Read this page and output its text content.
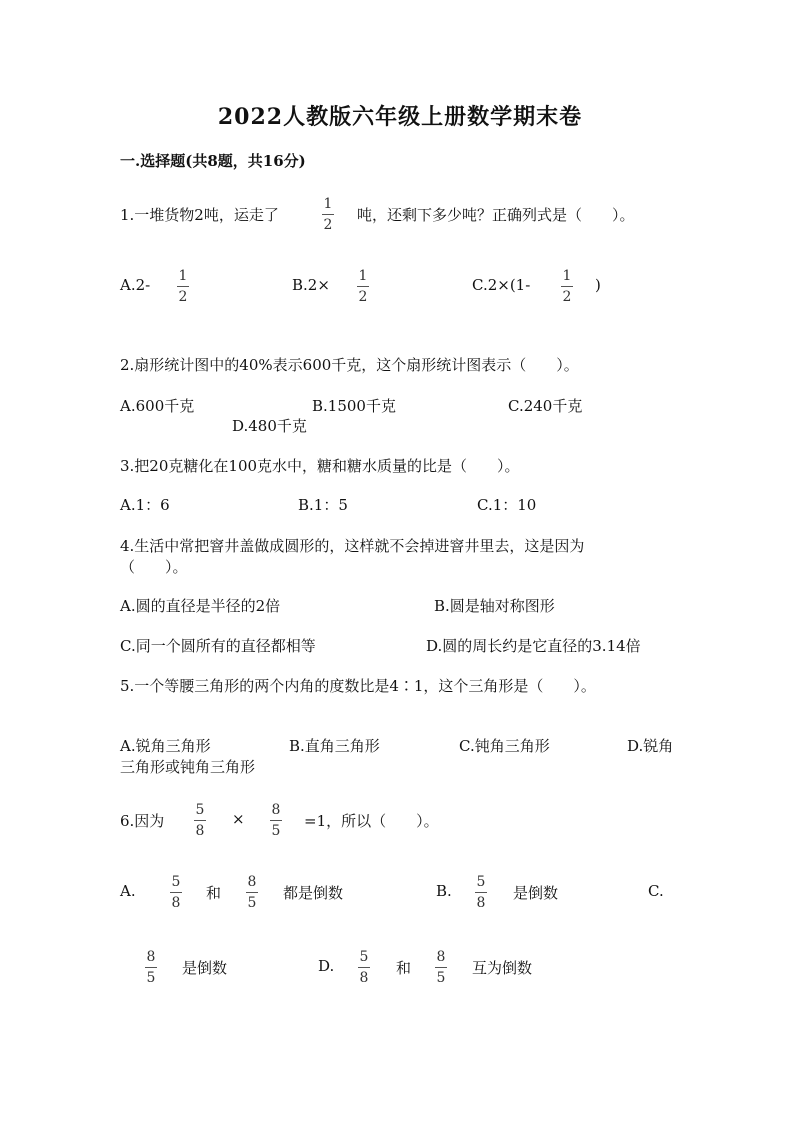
2022人教版六年级上册数学期末卷
一.选择题(共8题，共16分)
1.一堆货物2吨，运走了
1
2
吨，还剩下多少吨？正确列式是（　　）。
A.2- 1
2
B.2× 1
2
C.2×(1- 1
2
)
2.扇形统计图中的40%表示600千克，这个扇形统计图表示（　　）。
A.600千克	B.1500千克	C.240千克
D.480千克
3.把20克糖化在100克水中，糖和糖水质量的比是（　　）。
A.1：6	B.1：5	C.1：10
4.生活中常把窨井盖做成圆形的，这样就不会掉进窨井里去，这是因为
（　　）。
A.圆的直径是半径的2倍	B.圆是轴对称图形
C.同一个圆所有的直径都相等	D.圆的周长约是它直径的3.14倍
5.一个等腰三角形的两个内角的度数比是4∶1，这个三角形是（　　）。
A.锐角三角形	B.直角三角形	C.钝角三角形	D.锐角
三角形或钝角三角形
6.因为
5
8
× 8
5
=1，所以（　　）。
A.	5
8
和
8
5
都是倒数	B. 5
8
是倒数	C.
8
5
是倒数	D. 5
8
和
8
5
互为倒数
